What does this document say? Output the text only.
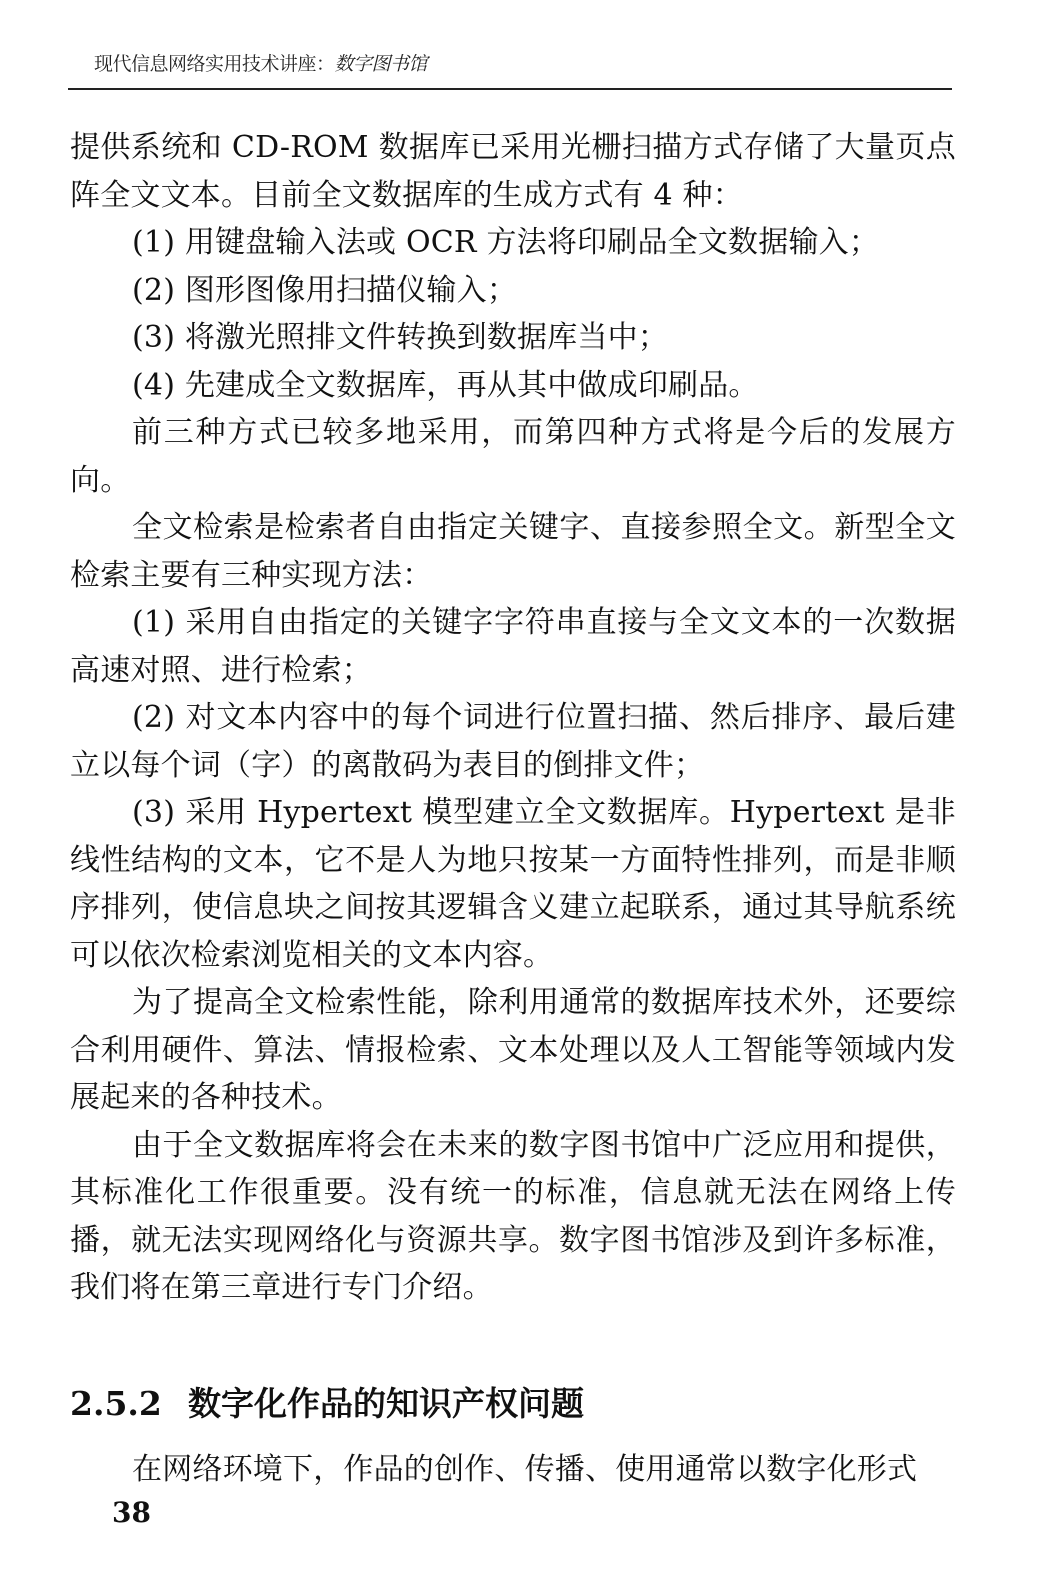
现代信息网络实用技术讲座：数字图书馆

提供系统和 CD-ROM 数据库已采用光栅扫描方式存储了大量页点阵全文文本。目前全文数据库的生成方式有 4 种：

(1) 用键盘输入法或 OCR 方法将印刷品全文数据输入；

(2) 图形图像用扫描仪输入；

(3) 将激光照排文件转换到数据库当中；

(4) 先建成全文数据库，再从其中做成印刷品。

前三种方式已较多地采用，而第四种方式将是今后的发展方向。

全文检索是检索者自由指定关键字、直接参照全文。新型全文检索主要有三种实现方法：

(1) 采用自由指定的关键字字符串直接与全文文本的一次数据高速对照、进行检索；

(2) 对文本内容中的每个词进行位置扫描、然后排序、最后建立以每个词（字）的离散码为表目的倒排文件；

(3) 采用 Hypertext 模型建立全文数据库。Hypertext 是非线性结构的文本，它不是人为地只按某一方面特性排列，而是非顺序排列，使信息块之间按其逻辑含义建立起联系，通过其导航系统可以依次检索浏览相关的文本内容。

为了提高全文检索性能，除利用通常的数据库技术外，还要综合利用硬件、算法、情报检索、文本处理以及人工智能等领域内发展起来的各种技术。

由于全文数据库将会在未来的数字图书馆中广泛应用和提供，其标准化工作很重要。没有统一的标准，信息就无法在网络上传播，就无法实现网络化与资源共享。数字图书馆涉及到许多标准，我们将在第三章进行专门介绍。

2.5.2 数字化作品的知识产权问题

在网络环境下，作品的创作、传播、使用通常以数字化形式

38
